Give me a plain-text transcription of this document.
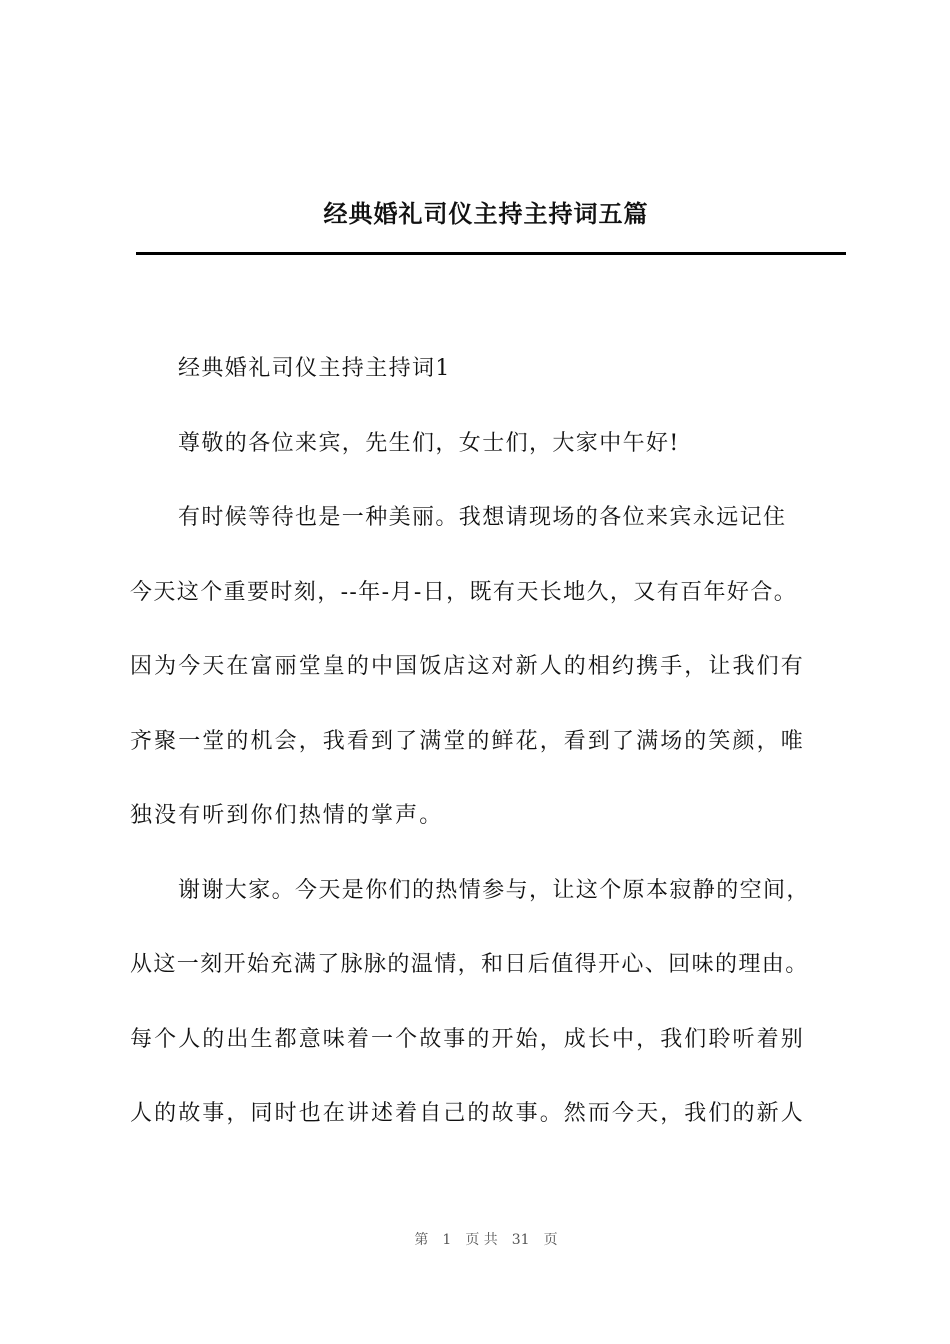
经典婚礼司仪主持主持词五篇
经典婚礼司仪主持主持词1
尊敬的各位来宾，先生们，女士们，大家中午好!
有时候等待也是一种美丽。我想请现场的各位来宾永远记住
今天这个重要时刻，--年-月-日，既有天长地久，又有百年好合。
因为今天在富丽堂皇的中国饭店这对新人的相约携手，让我们有
齐聚一堂的机会，我看到了满堂的鲜花，看到了满场的笑颜，唯
独没有听到你们热情的掌声。
谢谢大家。今天是你们的热情参与，让这个原本寂静的空间，
从这一刻开始充满了脉脉的温情，和日后值得开心、回味的理由。
每个人的出生都意味着一个故事的开始，成长中，我们聆听着别
人的故事，同时也在讲述着自己的故事。然而今天，我们的新人
第 1 页 共 31 页
